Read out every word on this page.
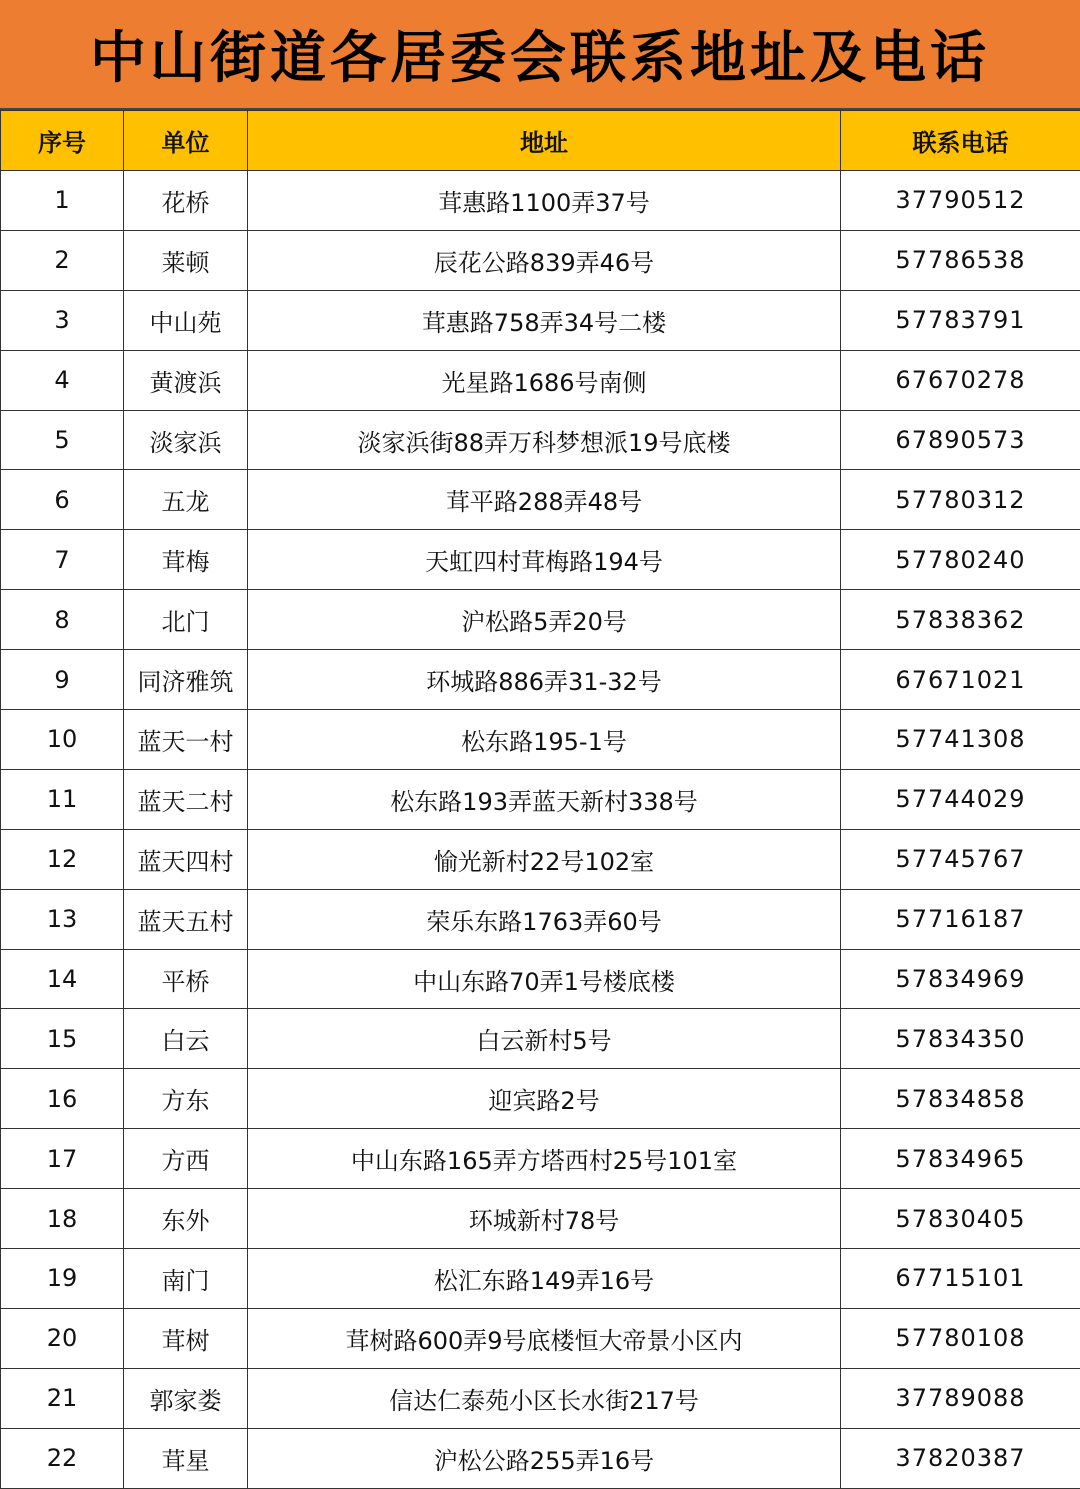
中山街道各居委会联系地址及电话
序号	单位	地址	联系电话
1	花桥	茸惠路1100弄37号	37790512
2	莱顿	辰花公路839弄46号	57786538
3	中山苑	茸惠路758弄34号二楼	57783791
4	黄渡浜	光星路1686号南侧	67670278
5	淡家浜	淡家浜街88弄万科梦想派19号底楼	67890573
6	五龙	茸平路288弄48号	57780312
7	茸梅	天虹四村茸梅路194号	57780240
8	北门	沪松路5弄20号	57838362
9	同济雅筑	环城路886弄31-32号	67671021
10	蓝天一村	松东路195-1号	57741308
11	蓝天二村	松东路193弄蓝天新村338号	57744029
12	蓝天四村	愉光新村22号102室	57745767
13	蓝天五村	荣乐东路1763弄60号	57716187
14	平桥	中山东路70弄1号楼底楼	57834969
15	白云	白云新村5号	57834350
16	方东	迎宾路2号	57834858
17	方西	中山东路165弄方塔西村25号101室	57834965
18	东外	环城新村78号	57830405
19	南门	松汇东路149弄16号	67715101
20	茸树	茸树路600弄9号底楼恒大帝景小区内	57780108
21	郭家娄	信达仁泰苑小区长水街217号	37789088
22	茸星	沪松公路255弄16号	37820387
